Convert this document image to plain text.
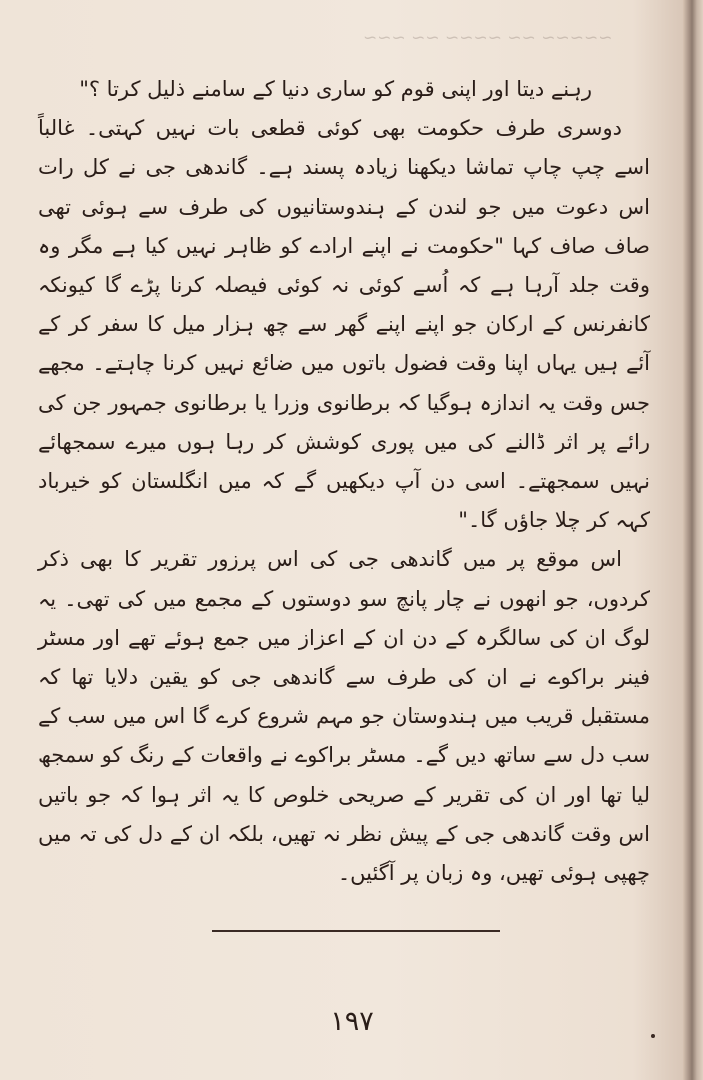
~~~ ~~ ~~~~ ~~ ~~~~~

رہنے دیتا اور اپنی قوم کو ساری دنیا کے سامنے ذلیل کرتا ؟"

دوسری طرف حکومت بھی کوئی قطعی بات نہیں کہتی۔ غالباً اسے چپ چاپ تماشا دیکھنا زیادہ پسند ہے۔ گاندھی جی نے کل رات اس دعوت میں جو لندن کے ہندوستانیوں کی طرف سے ہوئی تھی صاف صاف کہا "حکومت نے اپنے ارادے کو ظاہر نہیں کیا ہے مگر وہ وقت جلد آرہا ہے کہ اُسے کوئی نہ کوئی فیصلہ کرنا پڑے گا کیونکہ کانفرنس کے ارکان جو اپنے اپنے گھر سے چھ ہزار میل کا سفر کر کے آئے ہیں یہاں اپنا وقت فضول باتوں میں ضائع نہیں کرنا چاہتے۔ مجھے جس وقت یہ اندازہ ہوگیا کہ برطانوی وزرا یا برطانوی جمہور جن کی رائے پر اثر ڈالنے کی میں پوری کوشش کر رہا ہوں میرے سمجھائے نہیں سمجھتے۔ اسی دن آپ دیکھیں گے کہ میں انگلستان کو خیرباد کہہ کر چلا جاؤں گا۔"

اس موقع پر میں گاندھی جی کی اس پرزور تقریر کا بھی ذکر کردوں، جو انھوں نے چار پانچ سو دوستوں کے مجمع میں کی تھی۔ یہ لوگ ان کی سالگرہ کے دن ان کے اعزاز میں جمع ہوئے تھے اور مسٹر فینر براکوے نے ان کی طرف سے گاندھی جی کو یقین دلایا تھا کہ مستقبل قریب میں ہندوستان جو مہم شروع کرے گا اس میں سب کے سب دل سے ساتھ دیں گے۔ مسٹر براکوے نے واقعات کے رنگ کو سمجھ لیا تھا اور ان کی تقریر کے صریحی خلوص کا یہ اثر ہوا کہ جو باتیں اس وقت گاندھی جی کے پیش نظر نہ تھیں، بلکہ ان کے دل کی تہ میں چھپی ہوئی تھیں، وہ زبان پر آگئیں۔

۱۹۷
